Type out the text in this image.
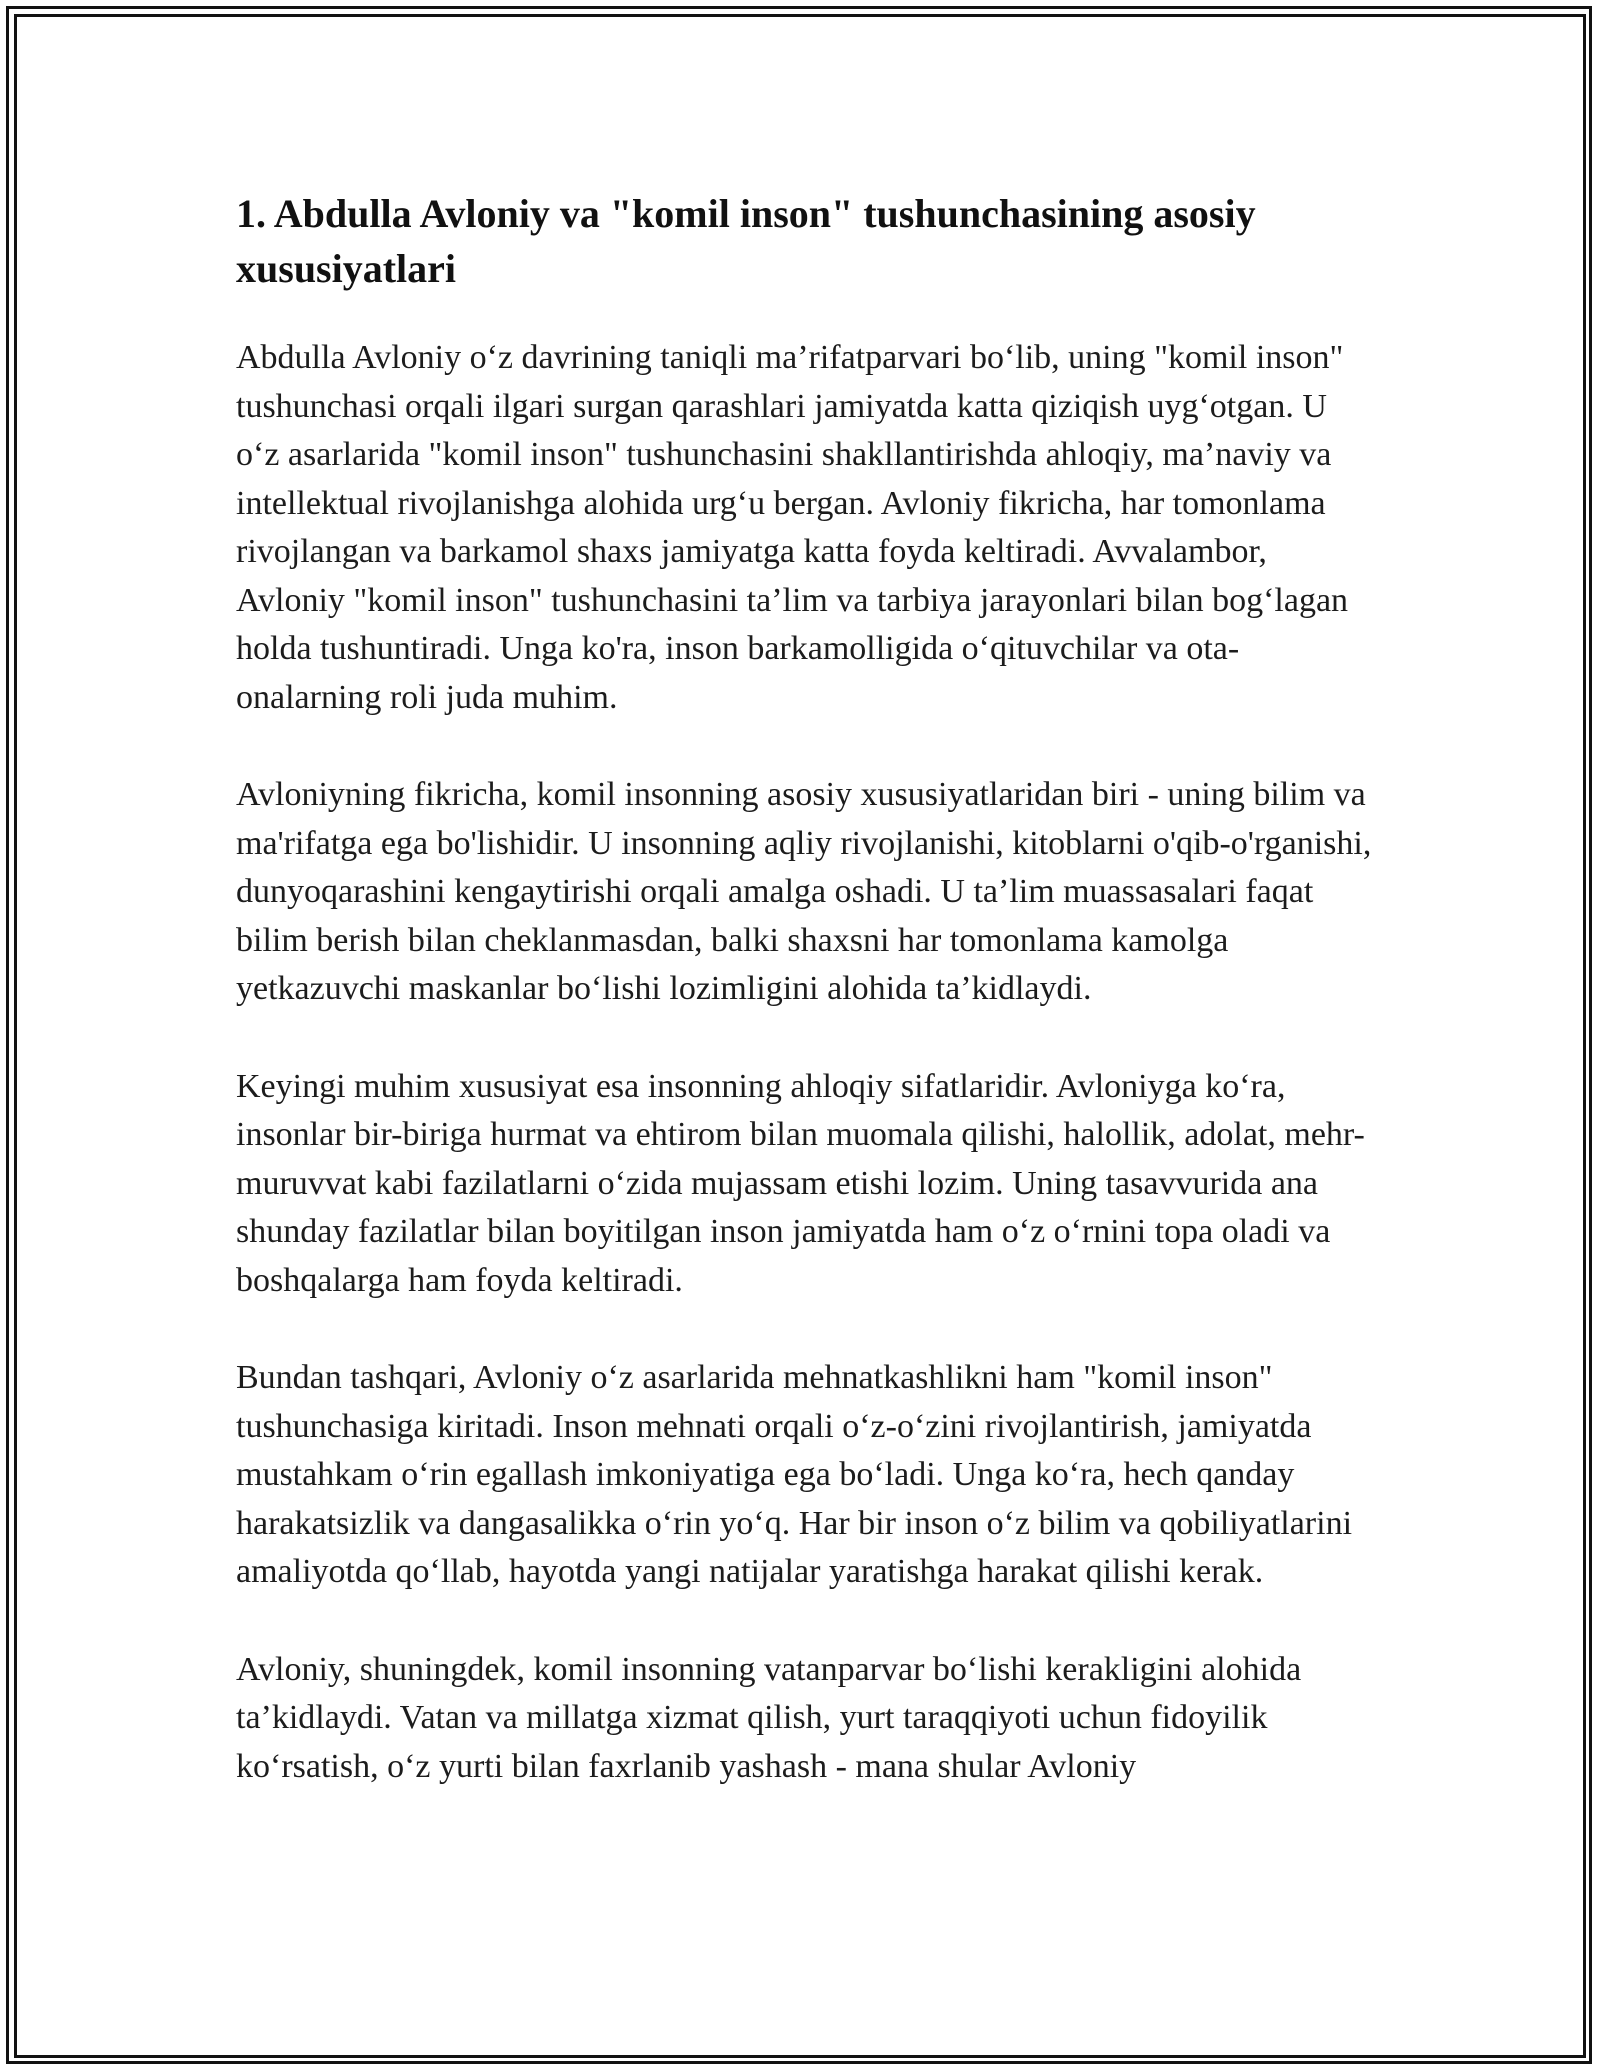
1. Abdulla Avloniy va "komil inson" tushunchasining asosiy xususiyatlari

Abdulla Avloniy o‘z davrining taniqli ma’rifatparvari bo‘lib, uning "komil inson" tushunchasi orqali ilgari surgan qarashlari jamiyatda katta qiziqish uyg‘otgan. U o‘z asarlarida "komil inson" tushunchasini shakllantirishda ahloqiy, ma’naviy va intellektual rivojlanishga alohida urg‘u bergan. Avloniy fikricha, har tomonlama rivojlangan va barkamol shaxs jamiyatga katta foyda keltiradi. Avvalambor, Avloniy "komil inson" tushunchasini ta’lim va tarbiya jarayonlari bilan bog‘lagan holda tushuntiradi. Unga ko'ra, inson barkamolligida o‘qituvchilar va ota-onalarning roli juda muhim.

Avloniyning fikricha, komil insonning asosiy xususiyatlaridan biri - uning bilim va ma'rifatga ega bo'lishidir. U insonning aqliy rivojlanishi, kitoblarni o'qib-o'rganishi, dunyoqarashini kengaytirishi orqali amalga oshadi. U ta’lim muassasalari faqat bilim berish bilan cheklanmasdan, balki shaxsni har tomonlama kamolga yetkazuvchi maskanlar bo‘lishi lozimligini alohida ta’kidlaydi.

Keyingi muhim xususiyat esa insonning ahloqiy sifatlaridir. Avloniyga ko‘ra, insonlar bir-biriga hurmat va ehtirom bilan muomala qilishi, halollik, adolat, mehr-muruvvat kabi fazilatlarni o‘zida mujassam etishi lozim. Uning tasavvurida ana shunday fazilatlar bilan boyitilgan inson jamiyatda ham o‘z o‘rnini topa oladi va boshqalarga ham foyda keltiradi.

Bundan tashqari, Avloniy o‘z asarlarida mehnatkashlikni ham "komil inson" tushunchasiga kiritadi. Inson mehnati orqali o‘z-o‘zini rivojlantirish, jamiyatda mustahkam o‘rin egallash imkoniyatiga ega bo‘ladi. Unga ko‘ra, hech qanday harakatsizlik va dangasalikka o‘rin yo‘q. Har bir inson o‘z bilim va qobiliyatlarini amaliyotda qo‘llab, hayotda yangi natijalar yaratishga harakat qilishi kerak.

Avloniy, shuningdek, komil insonning vatanparvar bo‘lishi kerakligini alohida ta’kidlaydi. Vatan va millatga xizmat qilish, yurt taraqqiyoti uchun fidoyilik ko‘rsatish, o‘z yurti bilan faxrlanib yashash - mana shular Avloniy
